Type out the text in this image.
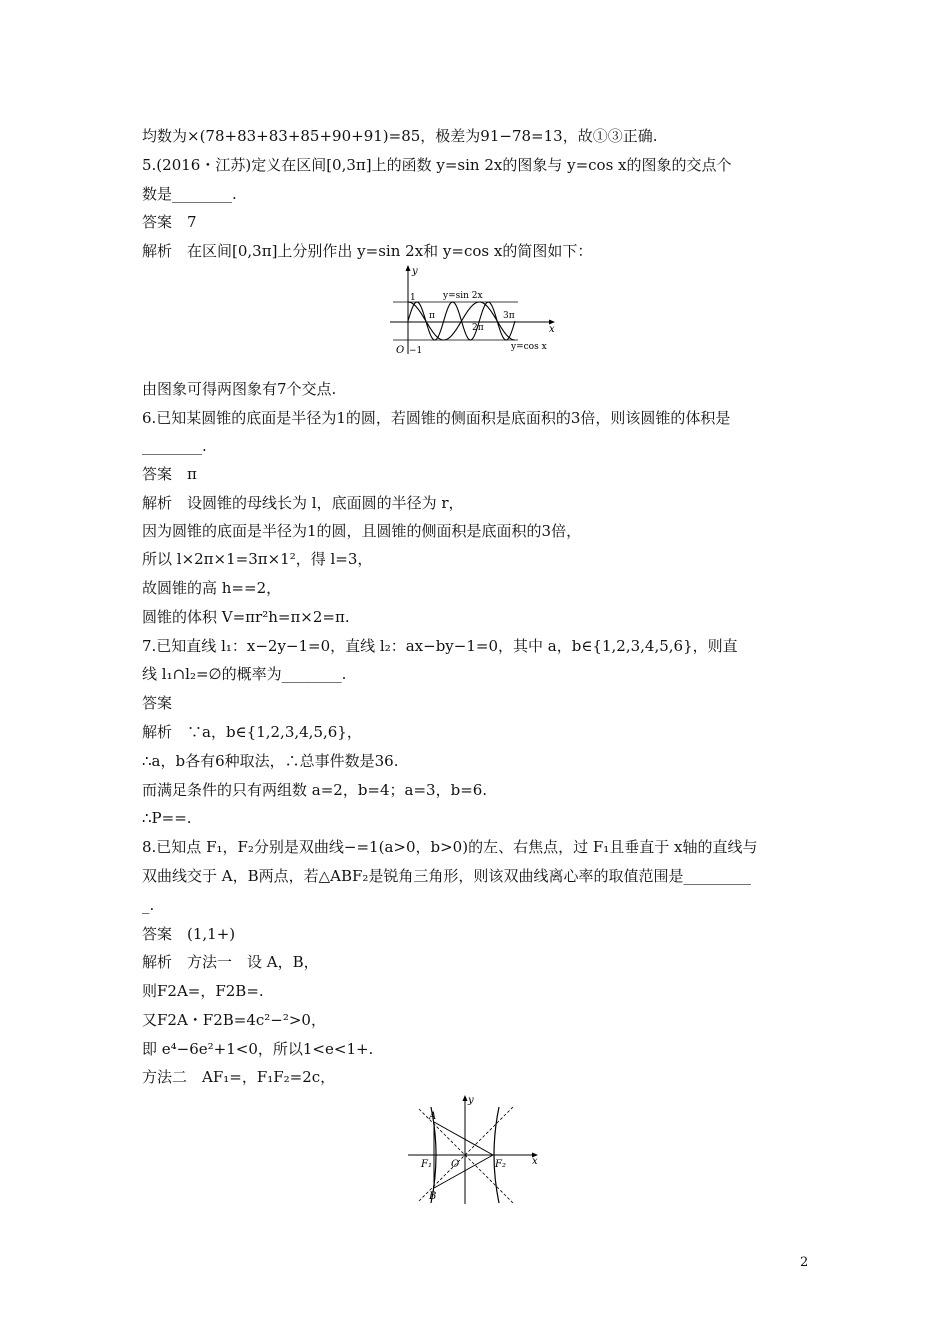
均数为×(78+83+83+85+90+91)=85，极差为91−78=13，故①③正确.

5.(2016・江苏)定义在区间[0,3π]上的函数 y=sin 2x的图象与 y=cos x的图象的交点个

数是________.

答案　7

解析　在区间[0,3π]上分别作出 y=sin 2x和 y=cos x的简图如下：

y
x
1
O −1
π
2π
3π
y=sin 2x
y=cos x

由图象可得两图象有7个交点.

6.已知某圆锥的底面是半径为1的圆，若圆锥的侧面积是底面积的3倍，则该圆锥的体积是

________.

答案　π

解析　设圆锥的母线长为 l，底面圆的半径为 r，

因为圆锥的底面是半径为1的圆，且圆锥的侧面积是底面积的3倍，

所以 l×2π×1=3π×1²，得 l=3，

故圆锥的高 h==2，

圆锥的体积 V=πr²h=π×2=π.

7.已知直线 l₁：x−2y−1=0，直线 l₂：ax−by−1=0，其中 a，b∈{1,2,3,4,5,6}，则直

线 l₁∩l₂=∅的概率为________.

答案

解析　∵a，b∈{1,2,3,4,5,6}，

∴a，b各有6种取法，∴总事件数是36.

而满足条件的只有两组数 a=2，b=4；a=3，b=6.

∴P==.

8.已知点 F₁，F₂分别是双曲线−=1(a>0，b>0)的左、右焦点，过 F₁且垂直于 x轴的直线与

双曲线交于 A，B两点，若△ABF₂是锐角三角形，则该双曲线离心率的取值范围是_________

_.

答案　(1,1+)

解析　方法一　设 A，B，

则F2A=，F2B=.

又F2A・F2B=4c²−²>0，

即 e⁴−6e²+1<0，所以1<e<1+.

方法二　AF₁=，F₁F₂=2c，

y
x
A
B
F₁ O	F₂
2
